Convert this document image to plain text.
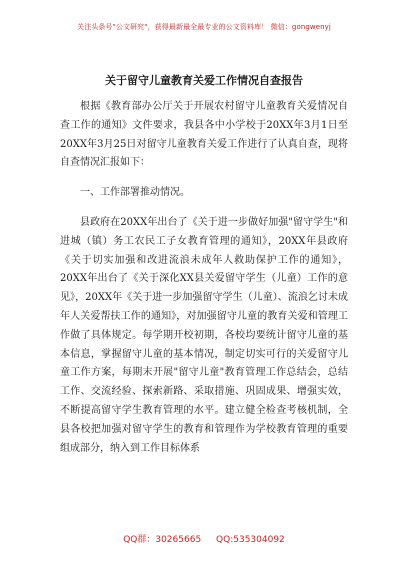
关注头条号"公文研究"，获得最新最全最专业的公文资料库！ 微信：gongwenyj
关于留守儿童教育关爱工作情况自查报告

根据《教育部办公厅关于开展农村留守儿童教育关爱情况自查工作的通知》文件要求，我县各中小学校于20XX年3月1日至20XX年3月25日对留守儿童教育关爱工作进行了认真自查，现将自查情况汇报如下：

一、工作部署推动情况。

县政府在20XX年出台了《关于进一步做好加强"留守学生"和进城（镇）务工农民工子女教育管理的通知》，20XX年县政府《关于切实加强和改进流浪未成年人救助保护工作的通知》，20XX年出台了《关于深化XX县关爱留守学生（儿童）工作的意见》，20XX年《关于进一步加强留守学生（儿童）、流浪乞讨未成年人关爱帮扶工作的通知》，对加强留守儿童的教育关爱和管理工作做了具体规定。每学期开校初期，各校均要统计留守儿童的基本信息，掌握留守儿童的基本情况，制定切实可行的关爱留守儿童工作方案，每期末开展"留守儿童"教育管理工作总结会，总结工作、交流经验、探索新路、采取措施、巩固成果、增强实效，不断提高留守学生教育管理的水平。建立健全检查考核机制，全县各校把加强对留守学生的教育和管理作为学校教育管理的重要组成部分，纳入到工作目标体系

QQ群：30265665 QQ:535304092
